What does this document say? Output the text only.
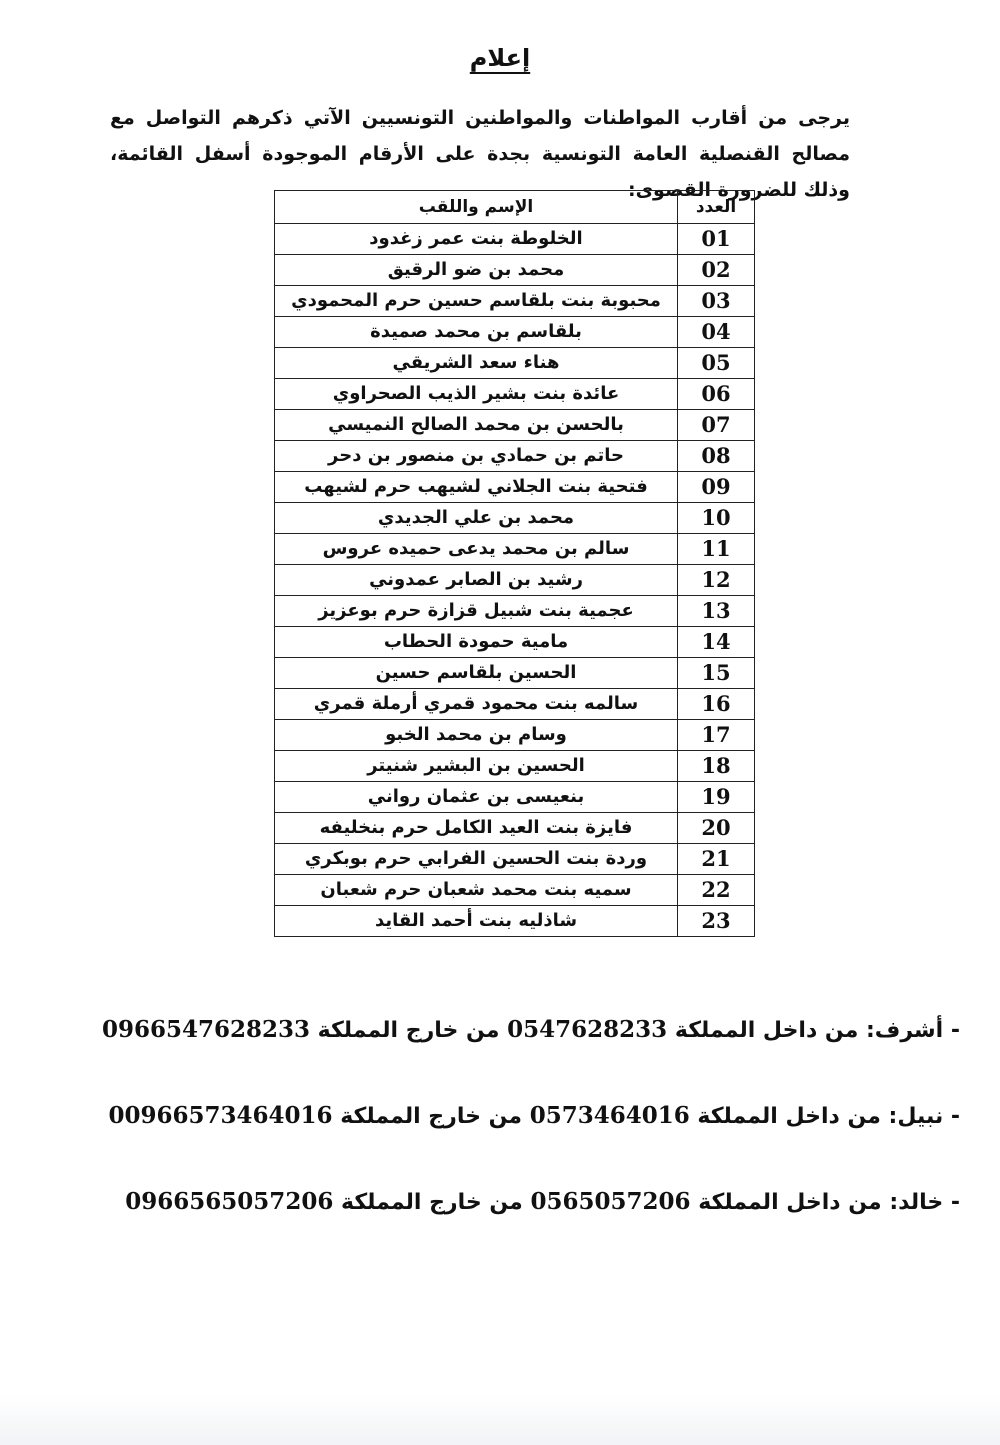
إعلام
يرجى من أقارب المواطنات والمواطنين التونسيين الآتي ذكرهم التواصل مع مصالح القنصلية العامة التونسية بجدة على الأرقام الموجودة أسفل القائمة، وذلك للضرورة القصوى:
العدد	الإسم واللقب
01	الخلوطة بنت عمر زغدود
02	محمد بن ضو الرقيق
03	محبوبة بنت بلقاسم حسين حرم المحمودي
04	بلقاسم بن محمد صميدة
05	هناء سعد الشريقي
06	عائدة بنت بشير الذيب الصحراوي
07	بالحسن بن محمد الصالح النميسي
08	حاتم بن حمادي بن منصور بن دحر
09	فتحية بنت الجلاني لشيهب حرم لشيهب
10	محمد بن علي الجديدي
11	سالم بن محمد يدعى حميده عروس
12	رشيد بن الصابر عمدوني
13	عجمية بنت شبيل قزازة حرم بوعزيز
14	مامية حمودة الحطاب
15	الحسين بلقاسم حسين
16	سالمه بنت محمود قمري أرملة قمري
17	وسام بن محمد الخبو
18	الحسين بن البشير شنيتر
19	بنعيسى بن عثمان رواني
20	فايزة بنت العيد الكامل حرم بنخليفه
21	وردة بنت الحسين الفرابي حرم بوبكري
22	سميه بنت محمد شعبان حرم شعبان
23	شاذليه بنت أحمد القايد
- أشرف: من داخل المملكة 0547628233 من خارج المملكة 0966547628233
- نبيل: من داخل المملكة 0573464016 من خارج المملكة 00966573464016
- خالد: من داخل المملكة 0565057206 من خارج المملكة 0966565057206
